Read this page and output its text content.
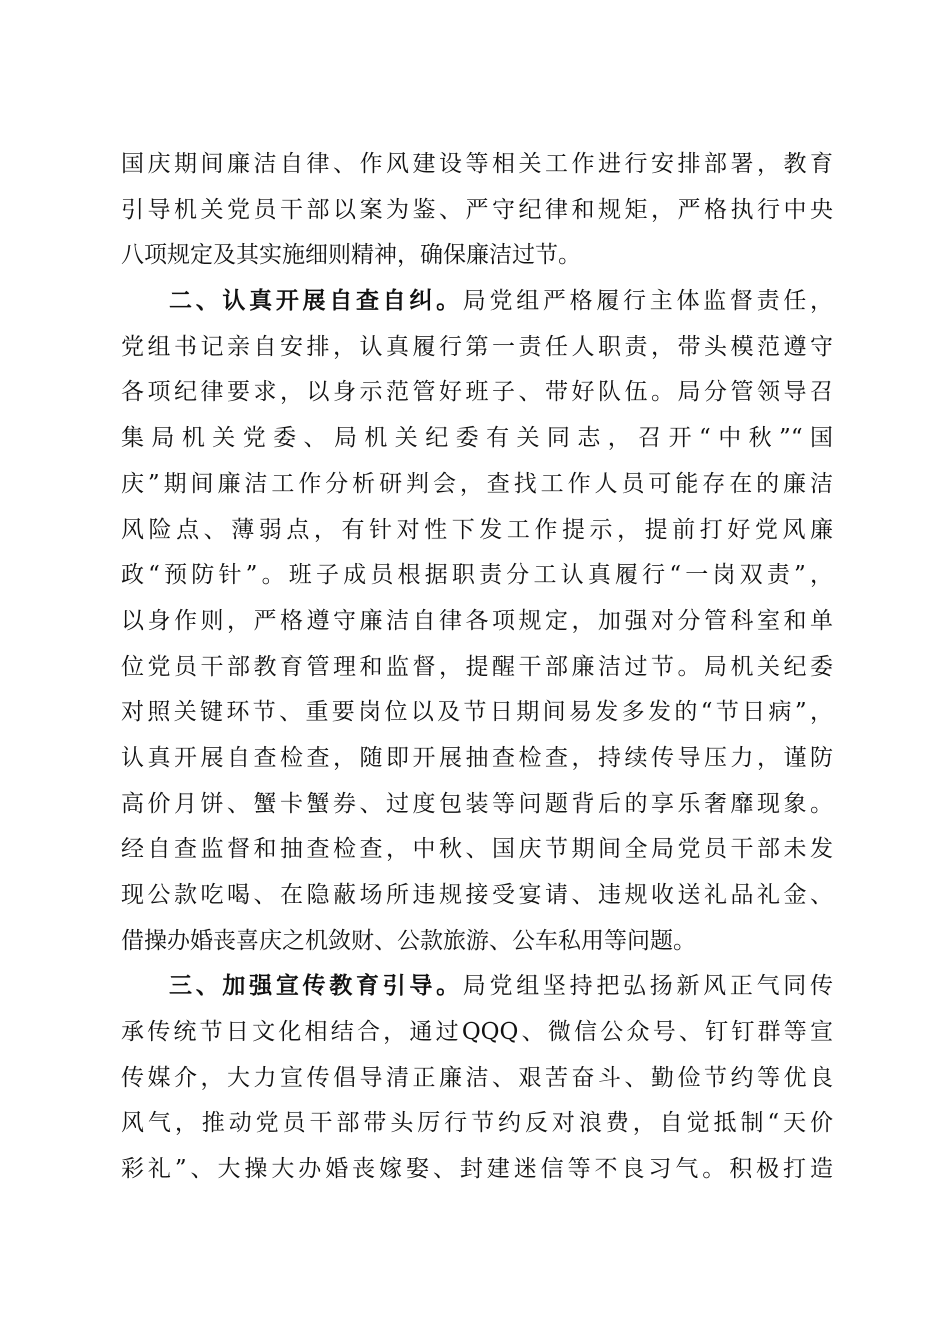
国庆期间廉洁自律、作风建设等相关工作进行安排部署，教育
引导机关党员干部以案为鉴、严守纪律和规矩，严格执行中央
八项规定及其实施细则精神，确保廉洁过节。
二、认真开展自查自纠。局党组严格履行主体监督责任，
党组书记亲自安排，认真履行第一责任人职责，带头模范遵守
各项纪律要求，以身示范管好班子、带好队伍。局分管领导召
集局机关党委、局机关纪委有关同志，召开“中秋”“国
庆”期间廉洁工作分析研判会，查找工作人员可能存在的廉洁
风险点、薄弱点，有针对性下发工作提示，提前打好党风廉
政“预防针”。班子成员根据职责分工认真履行“一岗双责”，
以身作则，严格遵守廉洁自律各项规定，加强对分管科室和单
位党员干部教育管理和监督，提醒干部廉洁过节。局机关纪委
对照关键环节、重要岗位以及节日期间易发多发的“节日病”，
认真开展自查检查，随即开展抽查检查，持续传导压力，谨防
高价月饼、蟹卡蟹券、过度包装等问题背后的享乐奢靡现象。
经自查监督和抽查检查，中秋、国庆节期间全局党员干部未发
现公款吃喝、在隐蔽场所违规接受宴请、违规收送礼品礼金、
借操办婚丧喜庆之机敛财、公款旅游、公车私用等问题。
三、加强宣传教育引导。局党组坚持把弘扬新风正气同传
承传统节日文化相结合，通过QQQ、微信公众号、钉钉群等宣
传媒介，大力宣传倡导清正廉洁、艰苦奋斗、勤俭节约等优良
风气，推动党员干部带头厉行节约反对浪费，自觉抵制“天价
彩礼”、大操大办婚丧嫁娶、封建迷信等不良习气。积极打造
